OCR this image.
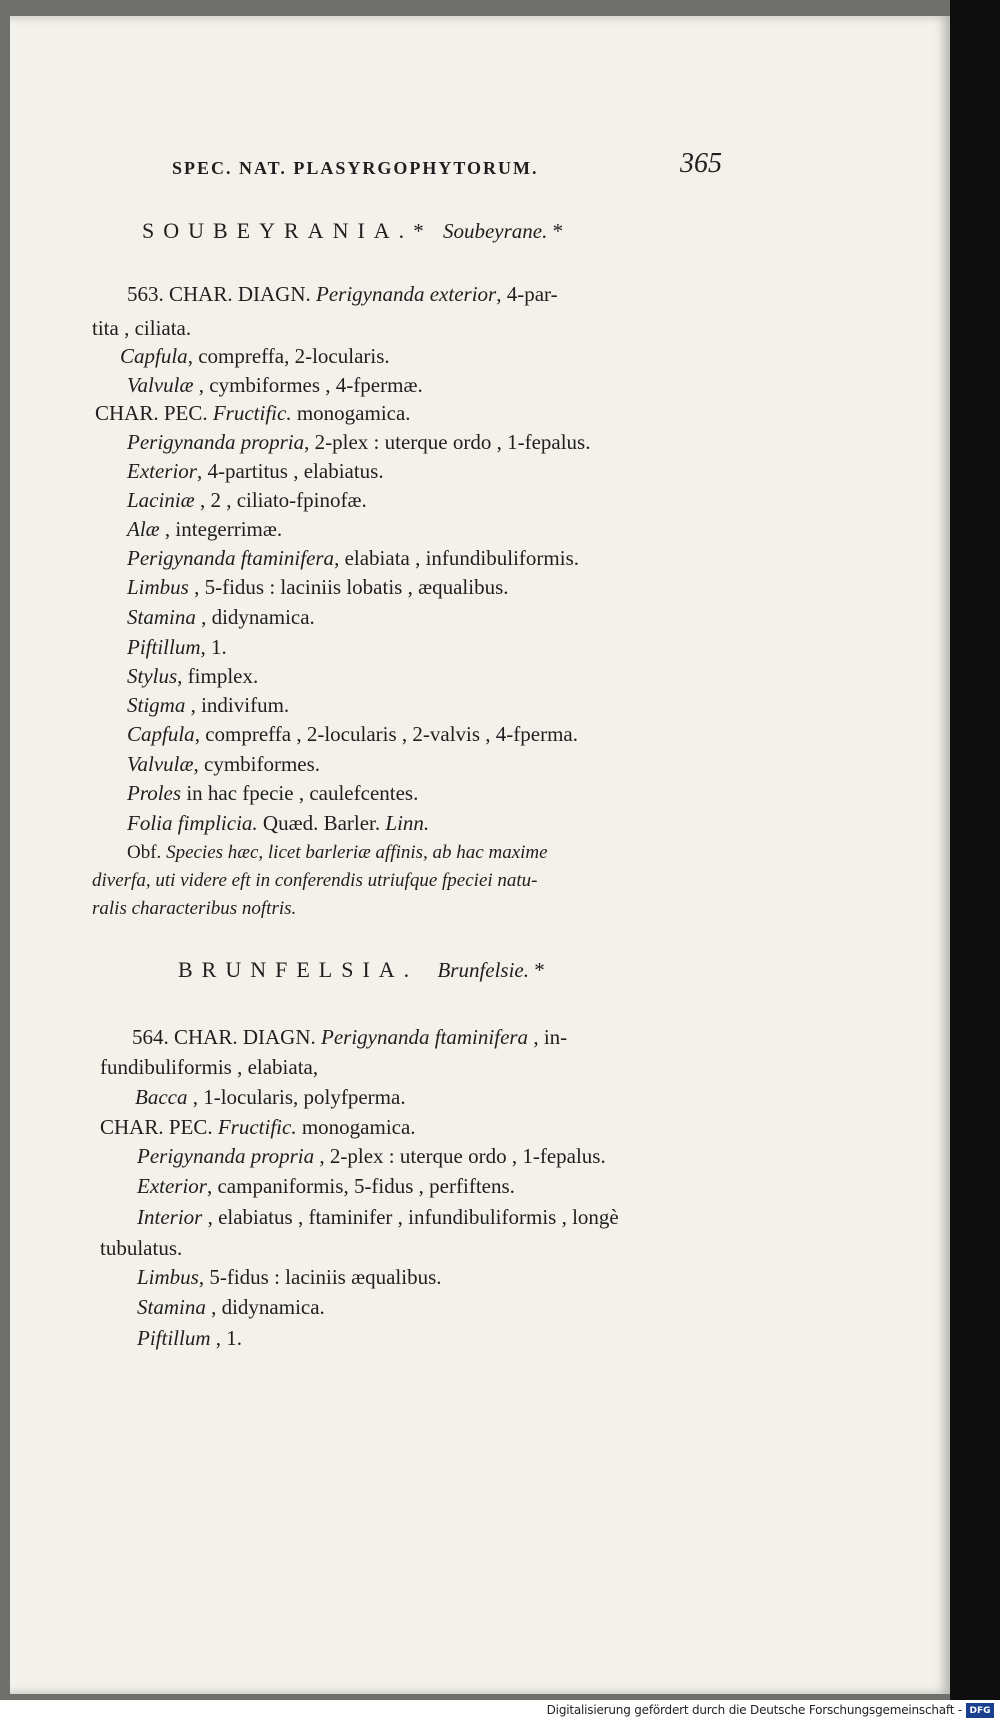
SPEC. NAT. PLASYRGOPHYTORUM.	365
SOUBEYRANIA.* Soubeyrane. *
563. CHAR. DIAGN. Perigynanda exterior, 4-par-
tita , ciliata.
Capfula, compreffa, 2-locularis.
Valvulæ , cymbiformes , 4-fpermæ.
CHAR. PEC. Fructific. monogamica.
Perigynanda propria, 2-plex : uterque ordo , 1-fepalus.
Exterior, 4-partitus , elabiatus.
Laciniæ , 2 , ciliato-fpinofæ.
Alæ , integerrimæ.
Perigynanda ftaminifera, elabiata , infundibuliformis.
Limbus , 5-fidus : laciniis lobatis , æqualibus.
Stamina , didynamica.
Piftillum, 1.
Stylus, fimplex.
Stigma , indivifum.
Capfula, compreffa , 2-locularis , 2-valvis , 4-fperma.
Valvulæ, cymbiformes.
Proles in hac fpecie , caulefcentes.
Folia fimplicia. Quæd. Barler. Linn.
Obf. Species hæc, licet barleriæ affinis, ab hac maxime
diverfa, uti videre eft in conferendis utriufque fpeciei natu-
ralis characteribus noftris.
BRUNFELSIA. Brunfelsie. *
564. CHAR. DIAGN. Perigynanda ftaminifera , in-
fundibuliformis , elabiata,
Bacca , 1-locularis, polyfperma.
CHAR. PEC. Fructific. monogamica.
Perigynanda propria , 2-plex : uterque ordo , 1-fepalus.
Exterior, campaniformis, 5-fidus , perfiftens.
Interior , elabiatus , ftaminifer , infundibuliformis , longè
tubulatus.
Limbus, 5-fidus : laciniis æqualibus.
Stamina , didynamica.
Piftillum , 1.
Digitalisierung gefördert durch die Deutsche Forschungsgemeinschaft - DFG
